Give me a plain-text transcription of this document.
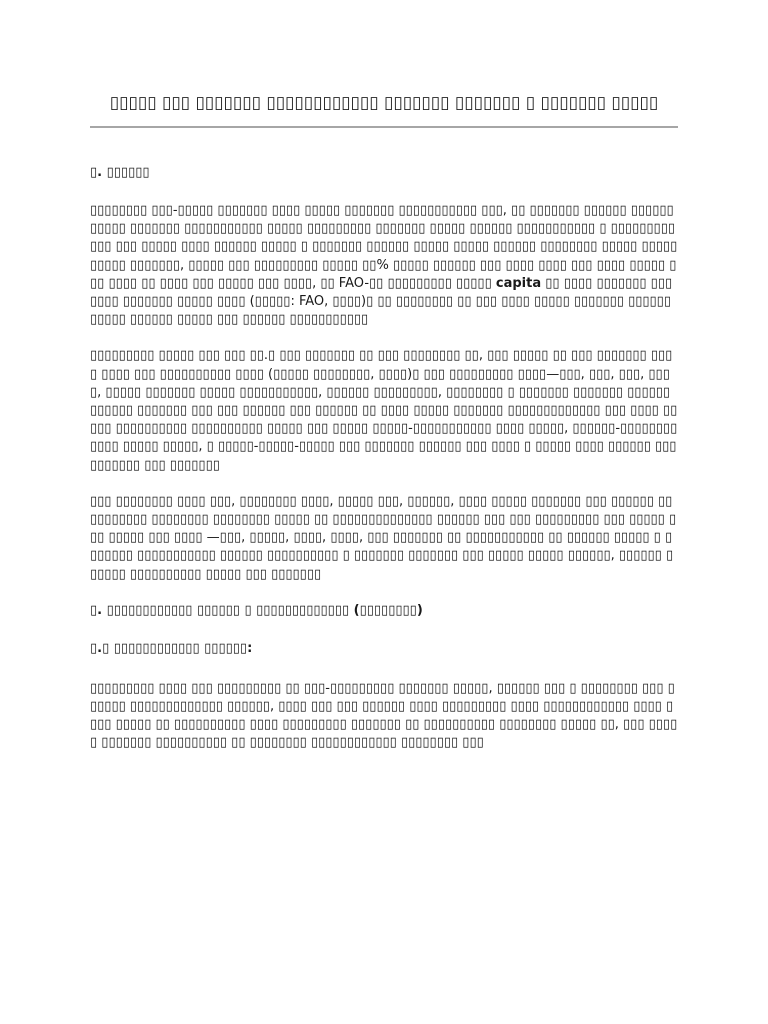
▯▯▯▯▯ ▯▯▯ ▯▯▯▯▯▯▯ ▯▯▯▯▯▯▯▯▯▯▯▯ ▯▯▯▯▯▯▯ ▯▯▯▯▯▯▯ ▯ ▯▯▯▯▯▯▯ ▯▯▯▯▯
▯. ▯▯▯▯▯▯
▯▯▯▯▯▯▯▯ ▯▯▯-▯▯▯▯▯ ▯▯▯▯▯▯▯ ▯▯▯▯ ▯▯▯▯▯ ▯▯▯▯▯▯▯ ▯▯▯▯▯▯▯▯▯▯▯ ▯▯▯, ▯▯ ▯▯▯▯▯▯▯ ▯▯▯▯▯▯ ▯▯▯▯▯▯▯▯▯▯▯ ▯▯▯▯▯▯▯ ▯▯▯▯▯▯▯▯▯▯▯ ▯▯▯▯▯ ▯▯▯▯▯▯▯▯▯ ▯▯▯▯▯▯▯ ▯▯▯▯▯ ▯▯▯▯▯▯ ▯▯▯▯▯▯▯▯▯▯▯ ▯ ▯▯▯▯▯▯▯▯▯ ▯▯▯ ▯▯▯ ▯▯▯▯▯ ▯▯▯▯ ▯▯▯▯▯▯ ▯▯▯▯▯ ▯ ▯▯▯▯▯▯▯ ▯▯▯▯▯▯ ▯▯▯▯▯ ▯▯▯▯▯ ▯▯▯▯▯▯ ▯▯▯▯▯▯▯▯ ▯▯▯▯▯ ▯▯▯▯▯▯▯▯▯▯ ▯▯▯▯▯▯▯, ▯▯▯▯▯ ▯▯▯ ▯▯▯▯▯▯▯▯▯ ▯▯▯▯▯ ▯▯% ▯▯▯▯▯ ▯▯▯▯▯▯ ▯▯▯ ▯▯▯▯ ▯▯▯▯ ▯▯▯ ▯▯▯▯ ▯▯▯▯▯ ▯▯▯ ▯▯▯▯ ▯▯ ▯▯▯▯ ▯▯▯ ▯▯▯▯▯ ▯▯▯ ▯▯▯▯, ▯▯ FAO-▯▯ ▯▯▯▯▯▯▯▯▯ ▯▯▯▯▯ capita ▯▯ ▯▯▯▯ ▯▯▯▯▯▯▯ ▯▯▯▯▯▯▯ ▯▯▯▯▯▯▯ ▯▯▯▯▯ ▯▯▯▯ (▯▯▯▯▯: FAO, ▯▯▯▯)▯ ▯▯ ▯▯▯▯▯▯▯▯ ▯▯ ▯▯▯ ▯▯▯▯ ▯▯▯▯▯ ▯▯▯▯▯▯▯ ▯▯▯▯▯▯▯▯▯▯▯ ▯▯▯▯▯▯ ▯▯▯▯▯ ▯▯▯ ▯▯▯▯▯▯ ▯▯▯▯▯▯▯▯▯▯▯
▯▯▯▯▯▯▯▯▯ ▯▯▯▯▯ ▯▯▯ ▯▯▯ ▯▯.▯ ▯▯▯ ▯▯▯▯▯▯▯ ▯▯ ▯▯▯ ▯▯▯▯▯▯▯▯ ▯▯, ▯▯▯ ▯▯▯▯▯ ▯▯ ▯▯▯ ▯▯▯▯▯▯▯ ▯▯▯▯ ▯▯▯▯ ▯▯▯ ▯▯▯▯▯▯▯▯▯▯ ▯▯▯▯ (▯▯▯▯▯ ▯▯▯▯▯▯▯▯, ▯▯▯▯)▯ ▯▯▯ ▯▯▯▯▯▯▯▯▯ ▯▯▯▯—▯▯▯, ▯▯▯, ▯▯▯, ▯▯▯▯, ▯▯▯▯▯ ▯▯▯▯▯▯▯ ▯▯▯▯▯ ▯▯▯▯▯▯▯▯▯▯▯, ▯▯▯▯▯▯ ▯▯▯▯▯▯▯▯▯, ▯▯▯▯▯▯▯▯ ▯ ▯▯▯▯▯▯▯ ▯▯▯▯▯▯▯ ▯▯▯▯▯▯ ▯▯▯▯▯▯ ▯▯▯▯▯▯▯ ▯▯▯ ▯▯▯ ▯▯▯▯▯▯ ▯▯▯ ▯▯▯▯▯▯ ▯▯ ▯▯▯▯ ▯▯▯▯▯ ▯▯▯▯▯▯▯ ▯▯▯▯▯▯▯▯▯▯▯▯▯ ▯▯▯ ▯▯▯▯ ▯▯▯▯▯ ▯▯▯▯▯▯▯▯▯▯ ▯▯▯▯▯▯▯▯▯▯ ▯▯▯▯▯ ▯▯▯ ▯▯▯▯▯ ▯▯▯▯▯-▯▯▯▯▯▯▯▯▯▯▯ ▯▯▯▯ ▯▯▯▯▯, ▯▯▯▯▯▯-▯▯▯▯▯▯▯▯▯▯▯▯ ▯▯▯▯▯ ▯▯▯▯▯, ▯ ▯▯▯▯▯-▯▯▯▯▯-▯▯▯▯▯ ▯▯▯ ▯▯▯▯▯▯▯ ▯▯▯▯▯▯ ▯▯▯ ▯▯▯▯ ▯ ▯▯▯▯▯ ▯▯▯▯ ▯▯▯▯▯▯ ▯▯▯▯▯▯▯▯▯▯ ▯▯▯ ▯▯▯▯▯▯▯
▯▯▯ ▯▯▯▯▯▯▯▯ ▯▯▯▯ ▯▯▯, ▯▯▯▯▯▯▯▯ ▯▯▯▯, ▯▯▯▯▯ ▯▯▯, ▯▯▯▯▯▯, ▯▯▯▯ ▯▯▯▯▯ ▯▯▯▯▯▯▯ ▯▯▯ ▯▯▯▯▯▯ ▯▯▯▯▯▯▯▯▯▯ ▯▯▯▯▯▯▯▯ ▯▯▯▯▯▯▯▯ ▯▯▯▯▯ ▯▯ ▯▯▯▯▯▯▯▯▯▯▯▯▯▯ ▯▯▯▯▯▯ ▯▯▯ ▯▯▯ ▯▯▯▯▯▯▯▯▯ ▯▯▯ ▯▯▯▯▯ ▯▯▯ ▯▯▯▯▯ ▯▯▯ ▯▯▯▯ —▯▯▯, ▯▯▯▯▯, ▯▯▯▯, ▯▯▯▯, ▯▯▯ ▯▯▯▯▯▯▯ ▯▯ ▯▯▯▯▯▯▯▯▯▯▯ ▯▯ ▯▯▯▯▯▯ ▯▯▯▯▯ ▯ ▯▯▯▯▯▯▯ ▯▯▯▯▯▯▯▯▯▯▯ ▯▯▯▯▯▯ ▯▯▯▯▯▯▯▯▯▯ ▯ ▯▯▯▯▯▯▯ ▯▯▯▯▯▯▯ ▯▯▯ ▯▯▯▯▯ ▯▯▯▯▯ ▯▯▯▯▯▯, ▯▯▯▯▯▯ ▯ ▯▯▯▯▯ ▯▯▯▯▯▯▯▯▯▯ ▯▯▯▯▯ ▯▯▯ ▯▯▯▯▯▯▯
▯. ▯▯▯▯▯▯▯▯▯▯▯▯ ▯▯▯▯▯▯ ▯ ▯▯▯▯▯▯▯▯▯▯▯▯▯ (▯▯▯▯▯▯▯▯)
▯.▯ ▯▯▯▯▯▯▯▯▯▯▯▯ ▯▯▯▯▯▯:
▯▯▯▯▯▯▯▯▯ ▯▯▯▯ ▯▯▯ ▯▯▯▯▯▯▯▯▯ ▯▯ ▯▯▯-▯▯▯▯▯▯▯▯▯ ▯▯▯▯▯▯▯ ▯▯▯▯▯, ▯▯▯▯▯▯ ▯▯▯ ▯ ▯▯▯▯▯▯▯▯ ▯▯▯ ▯▯▯▯▯▯ ▯▯▯▯▯▯▯▯▯▯▯▯▯ ▯▯▯▯▯▯, ▯▯▯▯ ▯▯▯ ▯▯▯ ▯▯▯▯▯▯ ▯▯▯▯ ▯▯▯▯▯▯▯▯▯ ▯▯▯▯ ▯▯▯▯▯▯▯▯▯▯▯▯ ▯▯▯▯ ▯▯▯▯ ▯▯▯▯▯ ▯▯ ▯▯▯▯▯▯▯▯▯▯ ▯▯▯▯ ▯▯▯▯▯▯▯▯▯ ▯▯▯▯▯▯▯ ▯▯ ▯▯▯▯▯▯▯▯▯▯ ▯▯▯▯▯▯▯▯ ▯▯▯▯▯ ▯▯, ▯▯▯ ▯▯▯▯▯ ▯▯▯▯▯▯▯ ▯▯▯▯▯▯▯▯▯▯ ▯▯ ▯▯▯▯▯▯▯▯ ▯▯▯▯▯▯▯▯▯▯▯▯ ▯▯▯▯▯▯▯▯ ▯▯▯
